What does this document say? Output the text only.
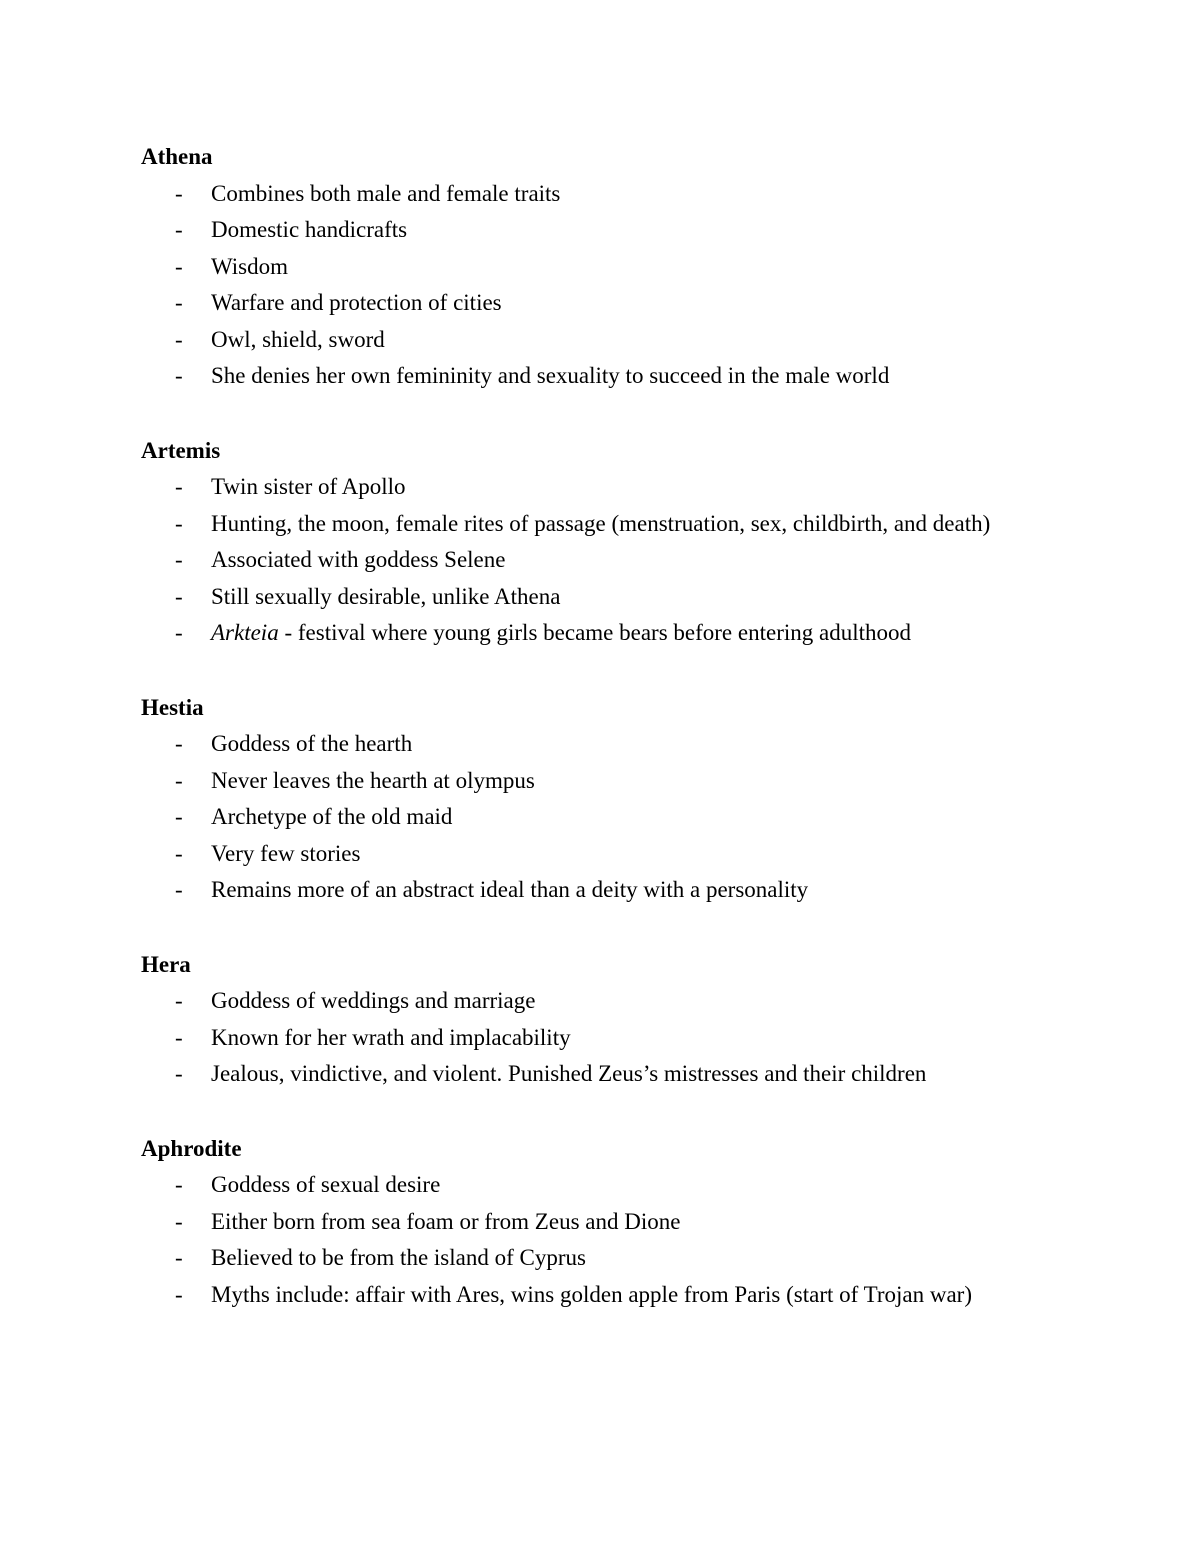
Athena
- Combines both male and female traits
- Domestic handicrafts
- Wisdom
- Warfare and protection of cities
- Owl, shield, sword
- She denies her own femininity and sexuality to succeed in the male world
Artemis
- Twin sister of Apollo
- Hunting, the moon, female rites of passage (menstruation, sex, childbirth, and death)
- Associated with goddess Selene
- Still sexually desirable, unlike Athena
- Arkteia - festival where young girls became bears before entering adulthood
Hestia
- Goddess of the hearth
- Never leaves the hearth at olympus
- Archetype of the old maid
- Very few stories
- Remains more of an abstract ideal than a deity with a personality
Hera
- Goddess of weddings and marriage
- Known for her wrath and implacability
- Jealous, vindictive, and violent. Punished Zeus’s mistresses and their children
Aphrodite
- Goddess of sexual desire
- Either born from sea foam or from Zeus and Dione
- Believed to be from the island of Cyprus
- Myths include: affair with Ares, wins golden apple from Paris (start of Trojan war)
